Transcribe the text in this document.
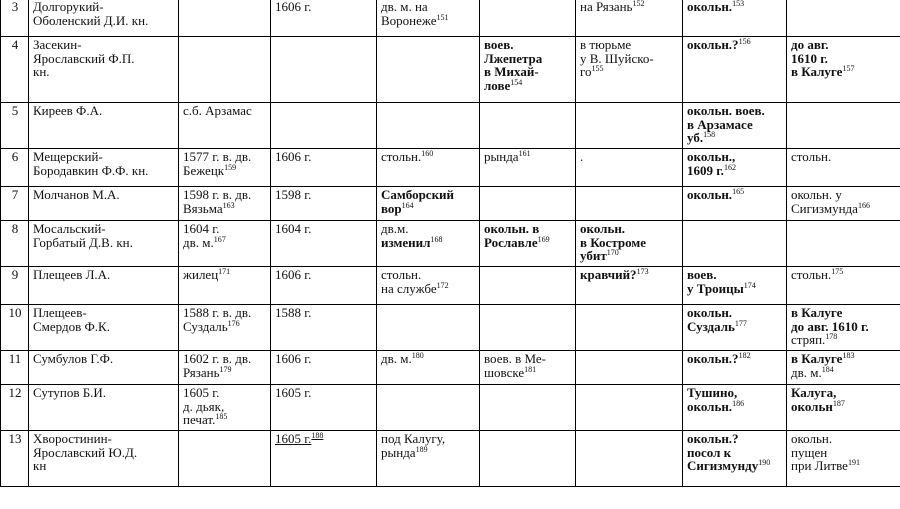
3	Долгорукий-
Оболенский Д.И. кн.		1606 г.	дв. м. на
Воронеже$^{151}$		на Рязань$^{152}$	окольн.$^{153}$	
4	Засекин-
Ярославский Ф.П.
кн.				воев.
Лжепетра
в Михай-
лове$^{154}$	в тюрьме
у В. Шуйско-
$го^{155}$	окольн.?$^{156}$	до авг.
1610 г.
в Калуге$^{157}$
5	Киреев Ф.А.	с.б. Арзамас					окольн. воев.
в Арзамасе
уб.$^{158}$	
6	Мещерский-
Бородавкин Ф.Ф. кн.	1577 г. в. дв.
Бежецк$^{159}$	1606 г.	стольн.$^{160}$	рында$^{161}$	.	окольн.,
1609 г.$^{162}$	стольн.
7	Молчанов М.А.	1598 г. в. дв.
Вязьма$^{163}$	1598 г.	Самборский
вор$^{164}$			окольн.$^{165}$	окольн. у
Сигизмунда$^{166}$
8	Мосальский-
Горбатый Д.В. кн.	1604 г.
дв. м.$^{167}$	1604 г.	дв.м.
изменил$^{168}$	окольн. в
Рославле$^{169}$	окольн.
в Костроме
убит$^{170}$		
9	Плещеев Л.А.	жилец$^{171}$	1606 г.	стольн.
на службе$^{172}$		кравчий?$^{173}$	воев.
у Троицы$^{174}$	стольн.$^{175}$
10	Плещеев-
Смердов Ф.К.	1588 г. в. дв.
Суздаль$^{176}$	1588 г.				окольн.
Суздаль$^{177}$	в Калуге
до авг. 1610 г.
стряп.$^{178}$
11	Сумбулов Г.Ф.	1602 г. в. дв.
Рязань$^{179}$	1606 г.	дв. м.$^{180}$	воев. в Ме-
шовске$^{181}$		окольн.?$^{182}$	в Калуге$^{183}$
дв. м.$^{184}$
12	Сутупов Б.И.	1605 г.
д. дьяк,
печат.$^{185}$	1605 г.				Тушино,
окольн.$^{186}$	Калуга,
окольн$^{187}$
13	Хворостинин-
Ярославский Ю.Д.
кн		1605 г.$^{188}$	под Калугу,
рында$^{189}$			окольн.?
посол к
Сигизмунду$^{190}$	окольн.
пущен
при Литве$^{191}$
